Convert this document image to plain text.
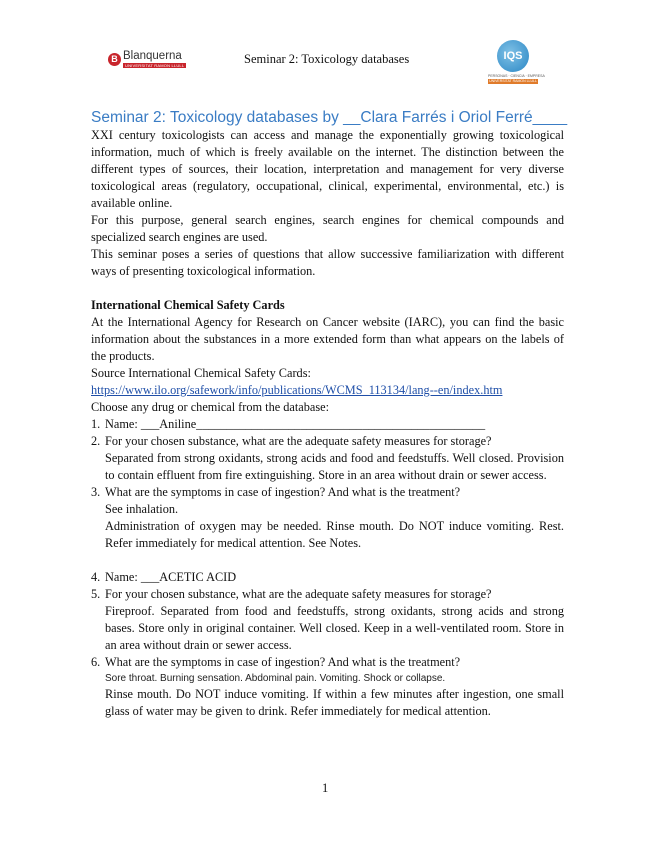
B Blanquerna
UNIVERSITAT RAMON LLULL	Seminar 2: Toxicology databases	IQS
PERSONAS · CIENCIA · EMPRESA
UNIVERSITAT RAMON LLULL
Seminar 2: Toxicology databases by __Clara Farrés i Oriol Ferré____

XXI century toxicologists can access and manage the exponentially growing toxicological information, much of which is freely available on the internet. The distinction between the different types of sources, their location, interpretation and management for very diverse toxicological areas (regulatory, occupational, clinical, experimental, environmental, etc.) is available online.

For this purpose, general search engines, search engines for chemical compounds and specialized search engines are used.

This seminar poses a series of questions that allow successive familiarization with different ways of presenting toxicological information.

International Chemical Safety Cards

At the International Agency for Research on Cancer website (IARC), you can find the basic information about the substances in a more extended form than what appears on the labels of the products.

Source International Chemical Safety Cards:

https://www.ilo.org/safework/info/publications/WCMS_113134/lang--en/index.htm

Choose any drug or chemical from the database:

1. Name: ___Aniline_______________________________________________
2. For your chosen substance, what are the adequate safety measures for storage?
Separated from strong oxidants, strong acids and food and feedstuffs. Well closed. Provision to contain effluent from fire extinguishing. Store in an area without drain or sewer access.
3. What are the symptoms in case of ingestion? And what is the treatment?
See inhalation.
Administration of oxygen may be needed. Rinse mouth. Do NOT induce vomiting. Rest. Refer immediately for medical attention. See Notes.
4. Name: ___ACETIC ACID
5. For your chosen substance, what are the adequate safety measures for storage?
Fireproof. Separated from food and feedstuffs, strong oxidants, strong acids and strong bases. Store only in original container. Well closed. Keep in a well-ventilated room. Store in an area without drain or sewer access.
6. What are the symptoms in case of ingestion? And what is the treatment?
Sore throat. Burning sensation. Abdominal pain. Vomiting. Shock or collapse.
Rinse mouth. Do NOT induce vomiting. If within a few minutes after ingestion, one small glass of water may be given to drink. Refer immediately for medical attention.
1
